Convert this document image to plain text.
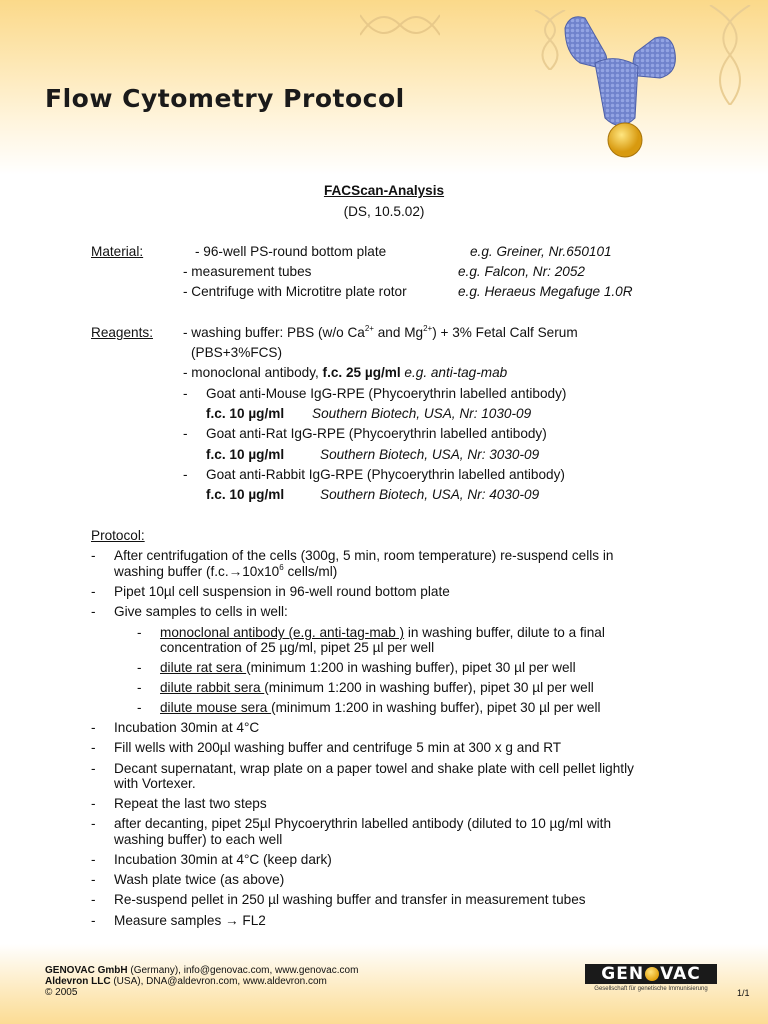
Flow Cytometry Protocol
FACScan-Analysis
(DS, 10.5.02)
Material:	- 96-well PS-round bottom plate	e.g. Greiner, Nr.650101
- measurement tubes	e.g. Falcon, Nr: 2052
- Centrifuge with Microtitre plate rotor	e.g. Heraeus Megafuge 1.0R
Reagents: - washing buffer: PBS (w/o $Ca^{2+}$ and $Mg^{2+}) + 3\%$ Fetal Calf Serum
(PBS+3%FCS)
- monoclonal antibody, f.c. 25 µg/ml e.g. anti-tag-mab
- Goat anti-Mouse IgG-RPE (Phycoerythrin labelled antibody)
f.c. 10 µg/ml Southern Biotech, USA, Nr: 1030-09
- Goat anti-Rat IgG-RPE (Phycoerythrin labelled antibody)
f.c. 10 µg/ml	Southern Biotech, USA, Nr: 3030-09
- Goat anti-Rabbit IgG-RPE (Phycoerythrin labelled antibody)
f.c. 10 µg/ml	Southern Biotech, USA, Nr: 4030-09
Protocol:
- After centrifugation of the cells (300g, 5 min, room temperature) re-suspend cells in
washing buffer ($f.c.\to 10x10^6$ cells/ml)
- Pipet 10µl cell suspension in 96-well round bottom plate
- Give samples to cells in well:
- monoclonal antibody (e.g. anti-tag-mab ) in washing buffer, dilute to a final
concentration of 25 µg/ml, pipet 25 µl per well
- dilute rat sera (minimum 1:200 in washing buffer), pipet 30 µl per well
- dilute rabbit sera (minimum 1:200 in washing buffer), pipet 30 µl per well
- dilute mouse sera (minimum 1:200 in washing buffer), pipet 30 µl per well
- Incubation 30min at 4°C
- Fill wells with 200µl washing buffer and centrifuge 5 min at 300 x g and RT
- Decant supernatant, wrap plate on a paper towel and shake plate with cell pellet lightly
with Vortexer.
- Repeat the last two steps
- after decanting, pipet 25µl Phycoerythrin labelled antibody (diluted to 10 µg/ml with
washing buffer) to each well
- Incubation 30min at 4°C (keep dark)
- Wash plate twice (as above)
- Re-suspend pellet in 250 µl washing buffer and transfer in measurement tubes
- Measure samples → FL2
GENOVAC GmbH (Germany), info@genovac.com, www.genovac.com
Aldevron LLC (USA), DNA@aldevron.com, www.aldevron.com
© 2005
GEN VAC
Gesellschaft für genetische Immunisierung	1/1
